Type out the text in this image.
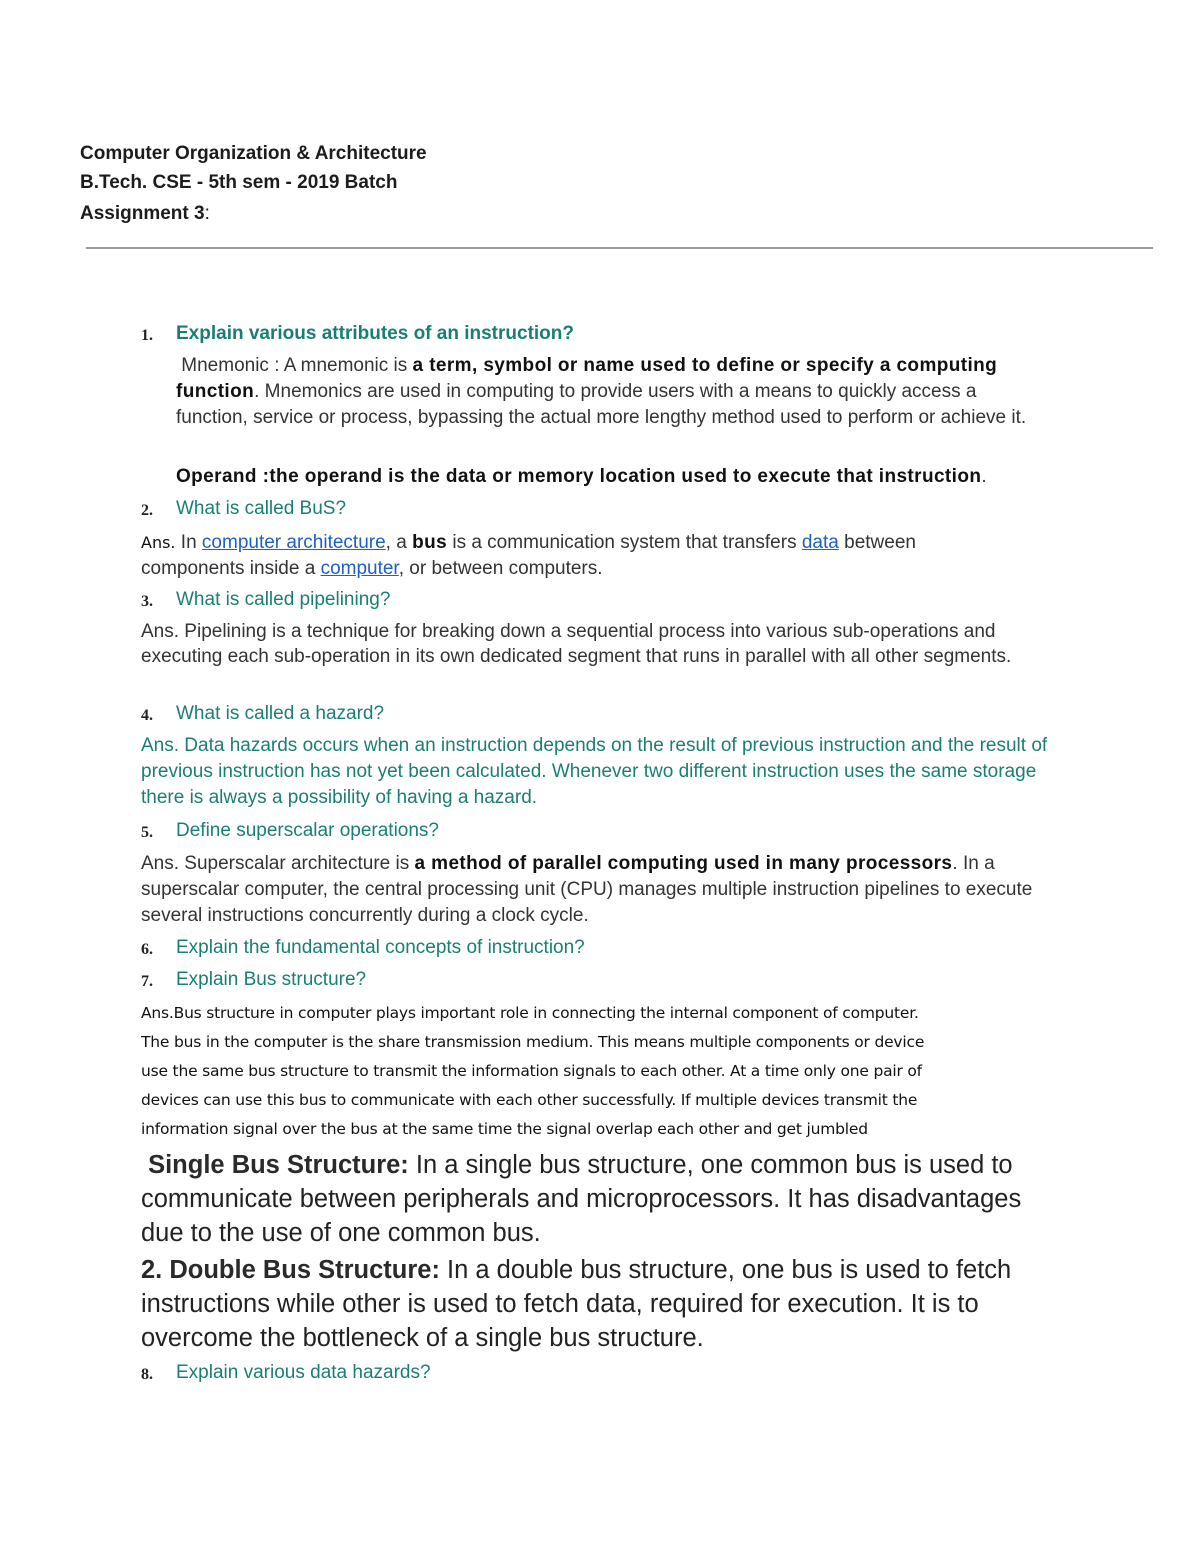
Computer Organization & Architecture
B.Tech. CSE - 5th sem - 2019 Batch
Assignment 3:
1. Explain various attributes of an instruction?
Mnemonic : A mnemonic is a term, symbol or name used to define or specify a computing function. Mnemonics are used in computing to provide users with a means to quickly access a function, service or process, bypassing the actual more lengthy method used to perform or achieve it.
Operand :the operand is the data or memory location used to execute that instruction.
2. What is called BuS?
Ans. In computer architecture, a bus is a communication system that transfers data between components inside a computer, or between computers.
3. What is called pipelining?
Ans. Pipelining is a technique for breaking down a sequential process into various sub-operations and executing each sub-operation in its own dedicated segment that runs in parallel with all other segments.
4. What is called a hazard?
Ans. Data hazards occurs when an instruction depends on the result of previous instruction and the result of previous instruction has not yet been calculated. Whenever two different instruction uses the same storage there is always a possibility of having a hazard.
5. Define superscalar operations?
Ans. Superscalar architecture is a method of parallel computing used in many processors. In a superscalar computer, the central processing unit (CPU) manages multiple instruction pipelines to execute several instructions concurrently during a clock cycle.
6. Explain the fundamental concepts of instruction?
7. Explain Bus structure?
Ans.Bus structure in computer plays important role in connecting the internal component of computer.
The bus in the computer is the share transmission medium. This means multiple components or device
use the same bus structure to transmit the information signals to each other. At a time only one pair of
devices can use this bus to communicate with each other successfully. If multiple devices transmit the
information signal over the bus at the same time the signal overlap each other and get jumbled
Single Bus Structure: In a single bus structure, one common bus is used to communicate between peripherals and microprocessors. It has disadvantages due to the use of one common bus.
2. Double Bus Structure: In a double bus structure, one bus is used to fetch instructions while other is used to fetch data, required for execution. It is to overcome the bottleneck of a single bus structure.
8. Explain various data hazards?
